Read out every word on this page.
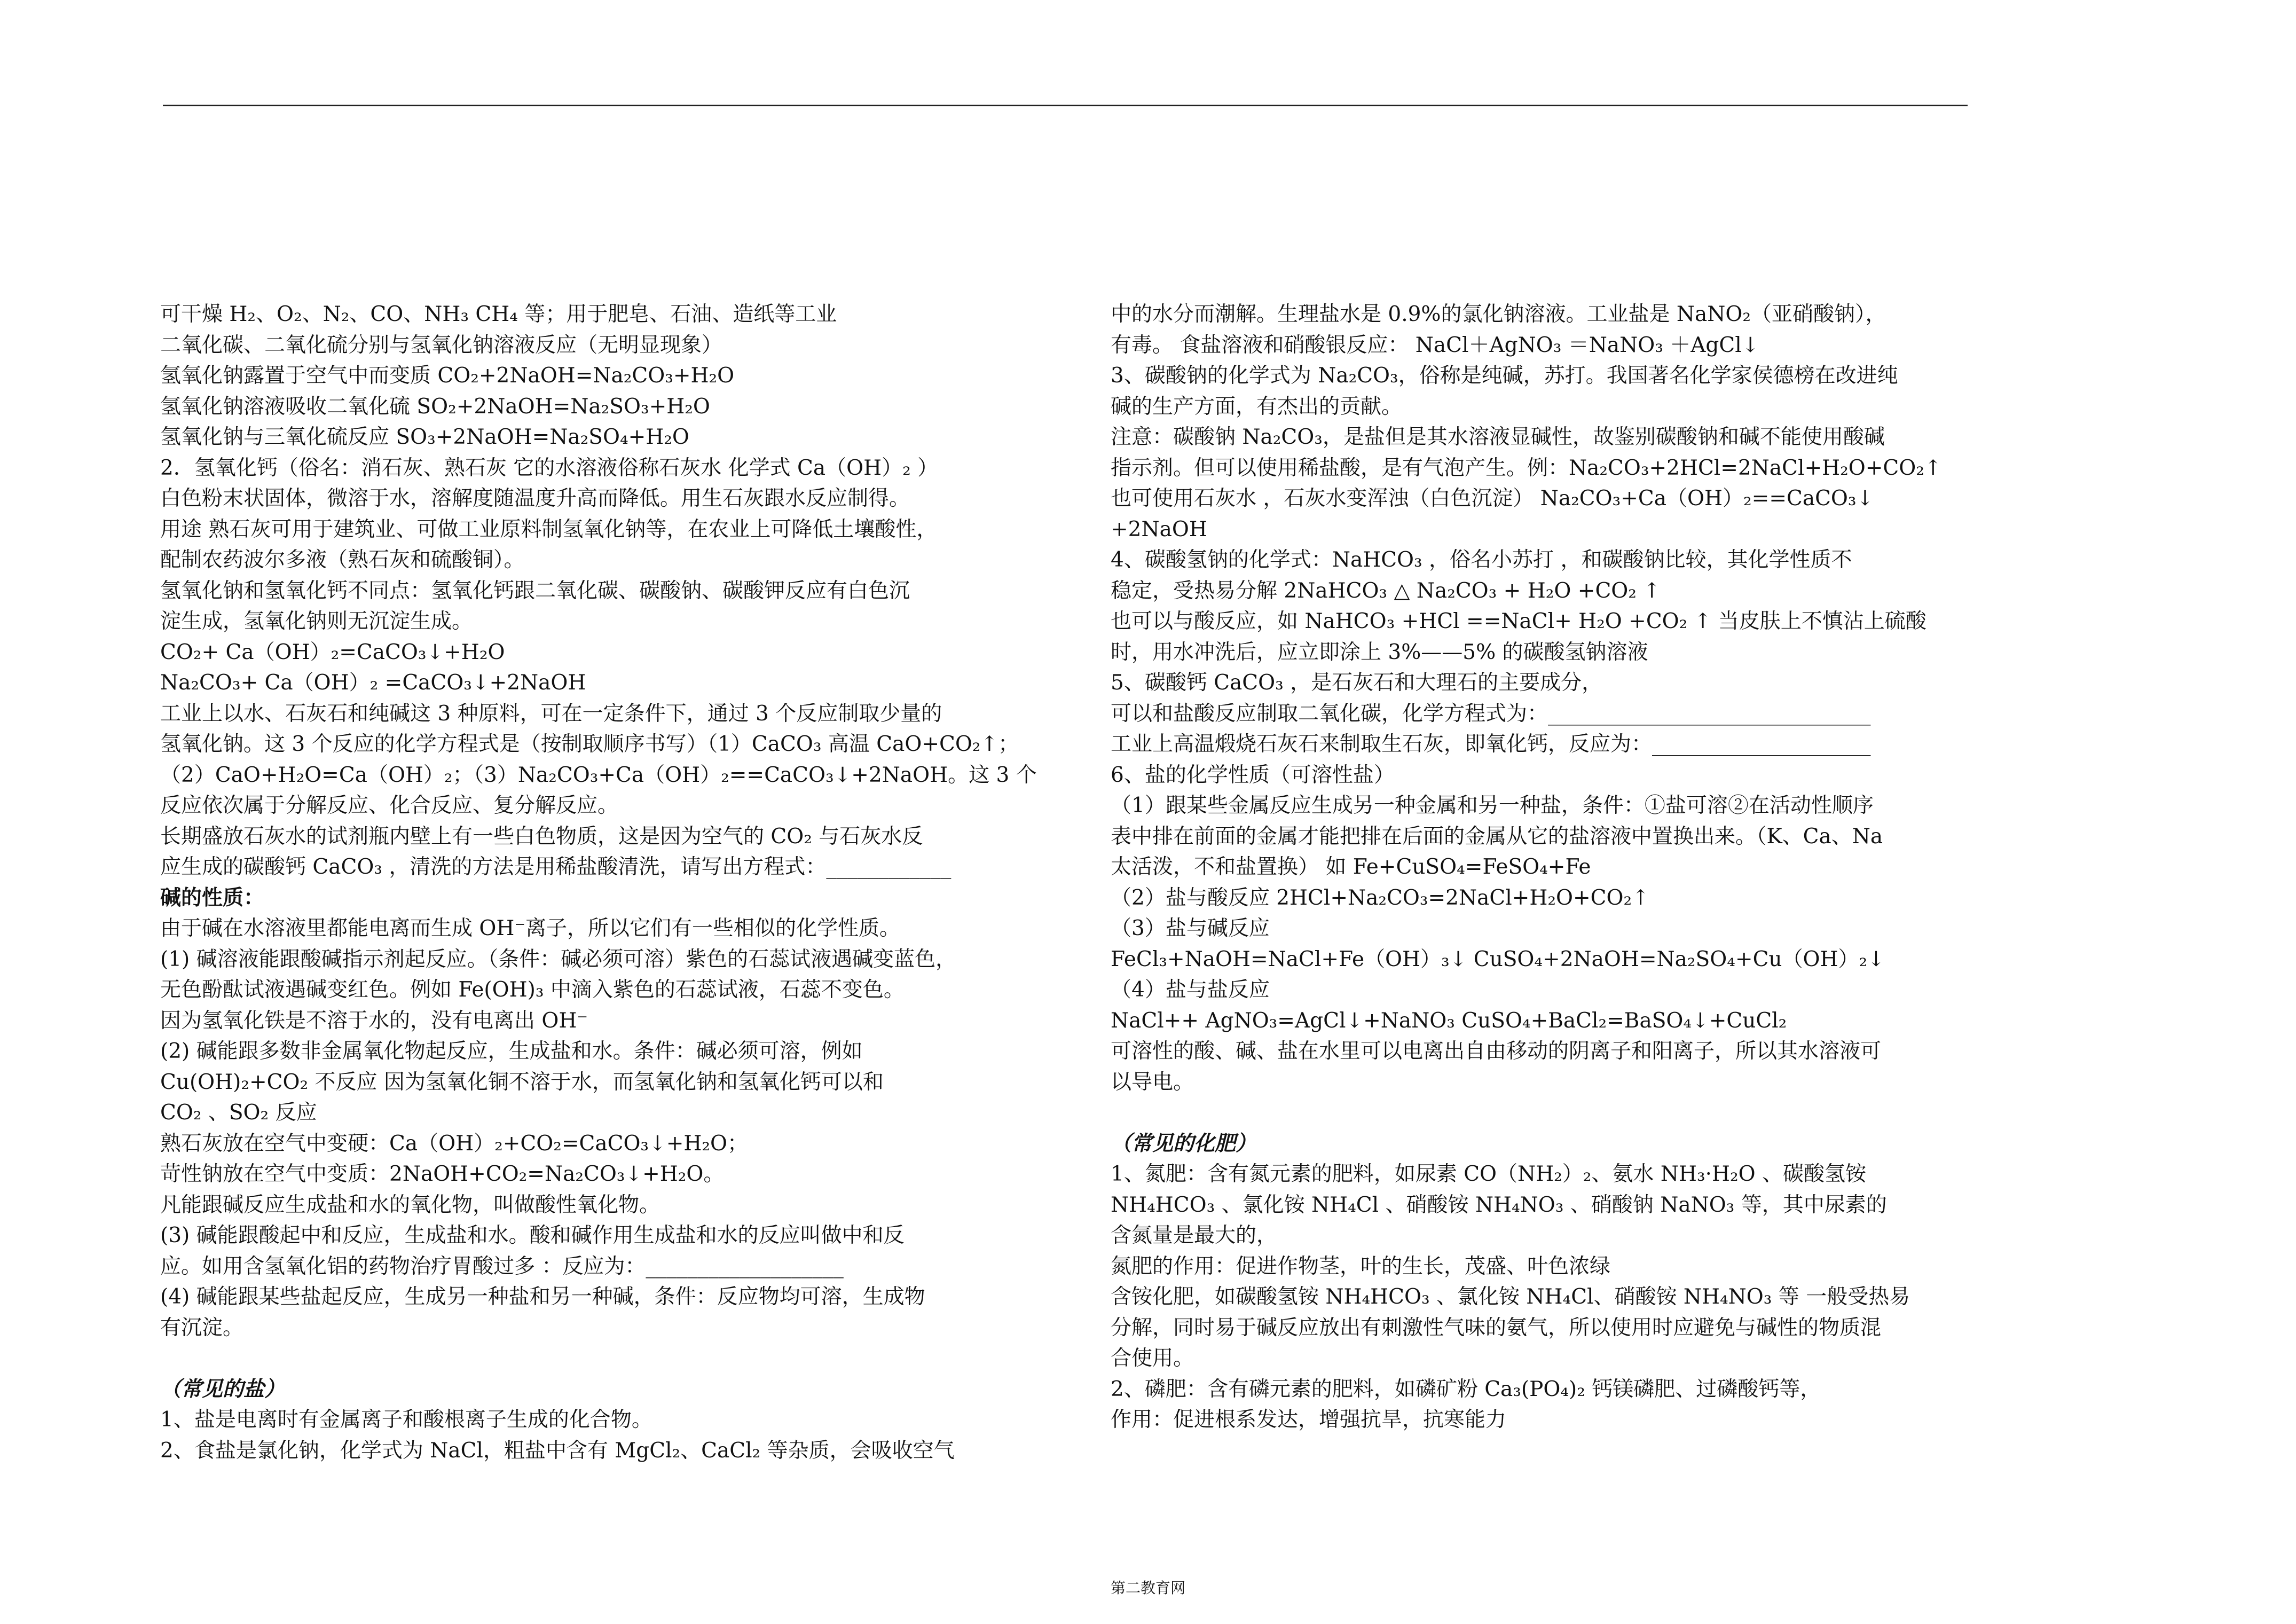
可干燥 H₂、O₂、N₂、CO、NH₃ CH₄ 等；用于肥皂、石油、造纸等工业
二氧化碳、二氧化硫分别与氢氧化钠溶液反应（无明显现象）
氢氧化钠露置于空气中而变质 CO₂+2NaOH=Na₂CO₃+H₂O
氢氧化钠溶液吸收二氧化硫 SO₂+2NaOH=Na₂SO₃+H₂O
氢氧化钠与三氧化硫反应 SO₃+2NaOH=Na₂SO₄+H₂O
2．氢氧化钙（俗名：消石灰、熟石灰 它的水溶液俗称石灰水 化学式 Ca（OH）₂ ）
白色粉末状固体，微溶于水，溶解度随温度升高而降低。用生石灰跟水反应制得。
用途 熟石灰可用于建筑业、可做工业原料制氢氧化钠等，在农业上可降低土壤酸性，
配制农药波尔多液（熟石灰和硫酸铜）。
氢氧化钠和氢氧化钙不同点：氢氧化钙跟二氧化碳、碳酸钠、碳酸钾反应有白色沉
淀生成，氢氧化钠则无沉淀生成。
CO₂+ Ca（OH）₂=CaCO₃↓+H₂O
Na₂CO₃+ Ca（OH）₂ =CaCO₃↓+2NaOH
工业上以水、石灰石和纯碱这 3 种原料，可在一定条件下，通过 3 个反应制取少量的
氢氧化钠。这 3 个反应的化学方程式是（按制取顺序书写）（1）CaCO₃ 高温 CaO+CO₂↑；
（2）CaO+H₂O=Ca（OH）₂；（3）Na₂CO₃+Ca（OH）₂==CaCO₃↓+2NaOH。这 3 个
反应依次属于分解反应、化合反应、复分解反应。
长期盛放石灰水的试剂瓶内壁上有一些白色物质，这是因为空气的 CO₂ 与石灰水反
应生成的碳酸钙 CaCO₃ ，清洗的方法是用稀盐酸清洗，请写出方程式：____________
碱的性质：
由于碱在水溶液里都能电离而生成 OH⁻离子，所以它们有一些相似的化学性质。
(1) 碱溶液能跟酸碱指示剂起反应。（条件：碱必须可溶）紫色的石蕊试液遇碱变蓝色，
无色酚酞试液遇碱变红色。例如 Fe(OH)₃ 中滴入紫色的石蕊试液，石蕊不变色。
因为氢氧化铁是不溶于水的，没有电离出 OH⁻
(2) 碱能跟多数非金属氧化物起反应，生成盐和水。条件：碱必须可溶，例如
Cu(OH)₂+CO₂ 不反应 因为氢氧化铜不溶于水，而氢氧化钠和氢氧化钙可以和
CO₂ 、SO₂ 反应
熟石灰放在空气中变硬：Ca（OH）₂+CO₂=CaCO₃↓+H₂O；
苛性钠放在空气中变质：2NaOH+CO₂=Na₂CO₃↓+H₂O。
凡能跟碱反应生成盐和水的氧化物，叫做酸性氧化物。
(3) 碱能跟酸起中和反应，生成盐和水。酸和碱作用生成盐和水的反应叫做中和反
应。如用含氢氧化铝的药物治疗胃酸过多 ：反应为：___________________
(4) 碱能跟某些盐起反应，生成另一种盐和另一种碱，条件：反应物均可溶，生成物
有沉淀。
（常见的盐）
1、盐是电离时有金属离子和酸根离子生成的化合物。
2、食盐是氯化钠，化学式为 NaCl，粗盐中含有 MgCl₂、CaCl₂ 等杂质，会吸收空气
中的水分而潮解。生理盐水是 0.9%的氯化钠溶液。工业盐是 NaNO₂（亚硝酸钠），
有毒。 食盐溶液和硝酸银反应： NaCl＋AgNO₃ ＝NaNO₃ ＋AgCl↓
3、碳酸钠的化学式为 Na₂CO₃，俗称是纯碱，苏打。我国著名化学家侯德榜在改进纯
碱的生产方面，有杰出的贡献。
注意：碳酸钠 Na₂CO₃，是盐但是其水溶液显碱性，故鉴别碳酸钠和碱不能使用酸碱
指示剂。但可以使用稀盐酸，是有气泡产生。例：Na₂CO₃+2HCl=2NaCl+H₂O+CO₂↑
也可使用石灰水 ，石灰水变浑浊（白色沉淀） Na₂CO₃+Ca（OH）₂==CaCO₃↓
+2NaOH
4、碳酸氢钠的化学式：NaHCO₃ ，俗名小苏打 ，和碳酸钠比较，其化学性质不
稳定，受热易分解 2NaHCO₃ △ Na₂CO₃ + H₂O +CO₂ ↑
也可以与酸反应，如 NaHCO₃ +HCl ==NaCl+ H₂O +CO₂ ↑ 当皮肤上不慎沾上硫酸
时，用水冲洗后，应立即涂上 3%——5% 的碳酸氢钠溶液
5、碳酸钙 CaCO₃ ，是石灰石和大理石的主要成分，
可以和盐酸反应制取二氧化碳，化学方程式为：_______________________________
工业上高温煅烧石灰石来制取生石灰，即氧化钙，反应为：_____________________
6、盐的化学性质（可溶性盐）
（1）跟某些金属反应生成另一种金属和另一种盐，条件：①盐可溶②在活动性顺序
表中排在前面的金属才能把排在后面的金属从它的盐溶液中置换出来。（K、Ca、Na
太活泼，不和盐置换） 如 Fe+CuSO₄=FeSO₄+Fe
（2）盐与酸反应 2HCl+Na₂CO₃=2NaCl+H₂O+CO₂↑
（3）盐与碱反应
FeCl₃+NaOH=NaCl+Fe（OH）₃↓ CuSO₄+2NaOH=Na₂SO₄+Cu（OH）₂↓
（4）盐与盐反应
NaCl++ AgNO₃=AgCl↓+NaNO₃ CuSO₄+BaCl₂=BaSO₄↓+CuCl₂
可溶性的酸、碱、盐在水里可以电离出自由移动的阴离子和阳离子，所以其水溶液可
以导电。
（常见的化肥）
1、氮肥：含有氮元素的肥料，如尿素 CO（NH₂）₂、氨水 NH₃·H₂O 、碳酸氢铵
NH₄HCO₃ 、氯化铵 NH₄Cl 、硝酸铵 NH₄NO₃ 、硝酸钠 NaNO₃ 等，其中尿素的
含氮量是最大的，
氮肥的作用：促进作物茎，叶的生长，茂盛、叶色浓绿
含铵化肥，如碳酸氢铵 NH₄HCO₃ 、氯化铵 NH₄Cl、硝酸铵 NH₄NO₃ 等 一般受热易
分解，同时易于碱反应放出有刺激性气味的氨气，所以使用时应避免与碱性的物质混
合使用。
2、磷肥：含有磷元素的肥料，如磷矿粉 Ca₃(PO₄)₂ 钙镁磷肥、过磷酸钙等，
作用：促进根系发达，增强抗旱，抗寒能力
第二教育网
